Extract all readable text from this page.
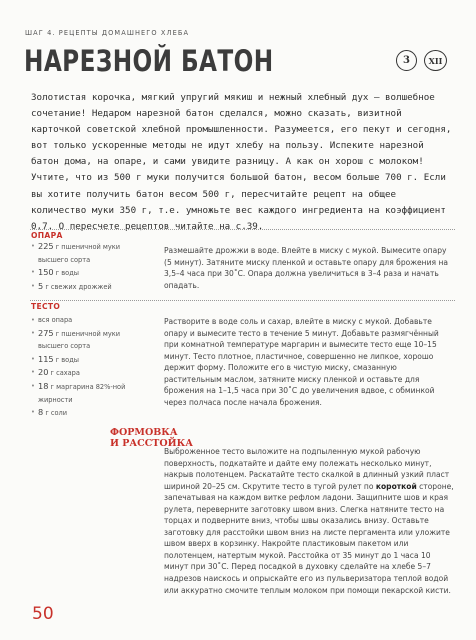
ШАГ 4. РЕЦЕПТЫ ДОМАШНЕГО ХЛЕБА
НАРЕЗНОЙ БАТОН	3	XII

Золотистая корочка, мягкий упругий мякиш и нежный хлебный дух — волшебное сочетание! Недаром нарезной батон сделался, можно сказать, визитной карточкой советской хлебной промышленности. Разумеется, его пекут и сегодня, вот только ускоренные методы не идут хлебу на пользу. Испеките нарезной батон дома, на опаре, и сами увидите разницу. А как он хорош с молоком! Учтите, что из 500 г муки получится большой батон, весом больше 700 г. Если вы хотите получить батон весом 500 г, пересчитайте рецепт на общее количество муки 350 г, т.е. умножьте вес каждого ингредиента на коэффициент 0,7. О пересчете рецептов читайте на с.39.

ОПАРА
• 225 г пшеничной муки
высшего сорта
• 150 г воды
• 5 г свежих дрожжей

Размешайте дрожжи в воде. Влейте в миску с мукой. Вымесите опару (5 минут). Затяните миску пленкой и оставьте опару для брожения на 3,5–4 часа при 30˚С. Опара должна увеличиться в 3–4 раза и начать опадать.

ТЕСТО
• вся опара
• 275 г пшеничной муки
высшего сорта
• 115 г воды
• 20 г сахара
• 18 г маргарина 82%-ной
жирности
• 8 г соли

Растворите в воде соль и сахар, влейте в миску с мукой. Добавьте опару и вымесите тесто в течение 5 минут. Добавьте размягчённый при комнатной температуре маргарин и вымесите тесто еще 10–15 минут. Тесто плотное, пластичное, совершенно не липкое, хорошо держит форму. Положите его в чистую миску, смазанную растительным маслом, затяните миску пленкой и оставьте для брожения на 1–1,5 часа при 30˚С до увеличения вдвое, с обминкой через полчаса после начала брожения.

ФОРМОВКА
И РАССТОЙКА

Выброженное тесто выложите на подпыленную мукой рабочую поверхность, подкатайте и дайте ему полежать несколько минут, накрыв полотенцем. Раскатайте тесто скалкой в длинный узкий пласт шириной 20–25 см. Скрутите тесто в тугой рулет по короткой стороне, запечатывая на каждом витке рефлом ладони. Защипните шов и края рулета, переверните заготовку швом вниз. Слегка натяните тесто на торцах и подверните вниз, чтобы швы оказались внизу. Оставьте заготовку для расстойки швом вниз на листе пергамента или уложите швом вверх в корзинку. Накройте пластиковым пакетом или полотенцем, натертым мукой. Расстойка от 35 минут до 1 часа 10 минут при 30˚С. Перед посадкой в духовку сделайте на хлебе 5–7 надрезов наискось и опрыскайте его из пульверизатора теплой водой или аккуратно смочите теплым молоком при помощи пекарской кисти.

50
